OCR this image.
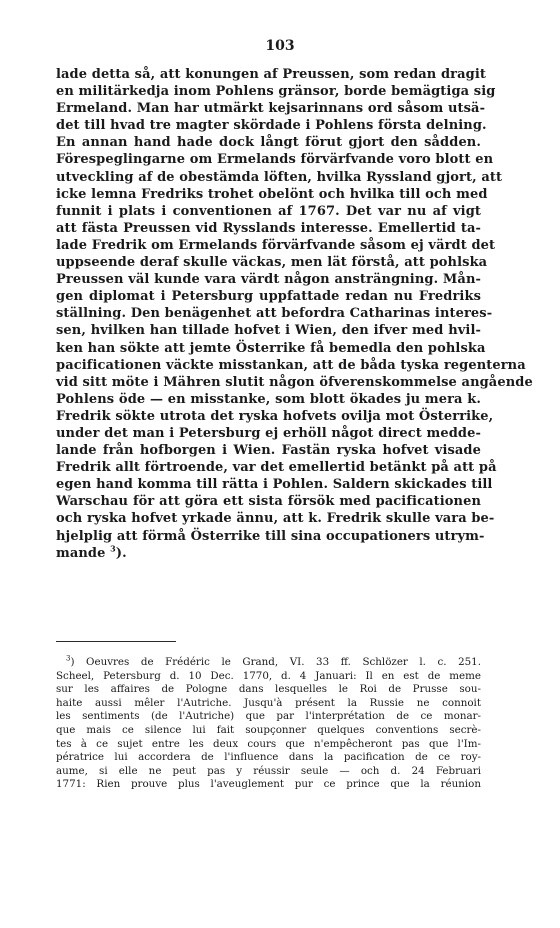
103
lade detta så, att konungen af Preussen, som redan dragit
en militärkedja inom Pohlens gränsor, borde bemägtiga sig
Ermeland. Man har utmärkt kejsarinnans ord såsom utsä-
det till hvad tre magter skördade i Pohlens första delning.
En annan hand hade dock långt förut gjort den sådden.
Förespeglingarne om Ermelands förvärfvande voro blott en
utveckling af de obestämda löften, hvilka Ryssland gjort, att
icke lemna Fredriks trohet obelönt och hvilka till och med
funnit i plats i conventionen af 1767. Det var nu af vigt
att fästa Preussen vid Rysslands interesse. Emellertid ta-
lade Fredrik om Ermelands förvärfvande såsom ej värdt det
uppseende deraf skulle väckas, men lät förstå, att pohlska
Preussen väl kunde vara värdt någon ansträngning. Mån-
gen diplomat i Petersburg uppfattade redan nu Fredriks
ställning. Den benägenhet att befordra Catharinas interes-
sen, hvilken han tillade hofvet i Wien, den ifver med hvil-
ken han sökte att jemte Österrike få bemedla den pohlska
pacificationen väckte misstankan, att de båda tyska regenterna
vid sitt möte i Mähren slutit någon öfverenskommelse angående
Pohlens öde — en misstanke, som blott ökades ju mera k.
Fredrik sökte utrota det ryska hofvets ovilja mot Österrike,
under det man i Petersburg ej erhöll något direct medde-
lande från hofborgen i Wien. Fastän ryska hofvet visade
Fredrik allt förtroende, var det emellertid betänkt på att på
egen hand komma till rätta i Pohlen. Saldern skickades till
Warschau för att göra ett sista försök med pacificationen
och ryska hofvet yrkade ännu, att k. Fredrik skulle vara be-
hjelplig att förmå Österrike till sina occupationers utrym-
mande $^3$).
$^3$) Oeuvres de Frédéric le Grand, VI. 33 ff. Schlözer l. c. 251.
Scheel, Petersburg d. 10 Dec. 1770, d. 4 Januari: Il en est de meme
sur les affaires de Pologne dans lesquelles le Roi de Prusse sou-
haite aussi mêler l'Autriche. Jusqu'à présent la Russie ne connoit
les sentiments (de l'Autriche) que par l'interprétation de ce monar-
que mais ce silence lui fait soupçonner quelques conventions secrè-
tes à ce sujet entre les deux cours que n'empêcheront pas que l'Im-
pératrice lui accordera de l'influence dans la pacification de ce roy-
aume, si elle ne peut pas y réussir seule — och d. 24 Februari
1771: Rien prouve plus l'aveuglement pur ce prince que la réunion
